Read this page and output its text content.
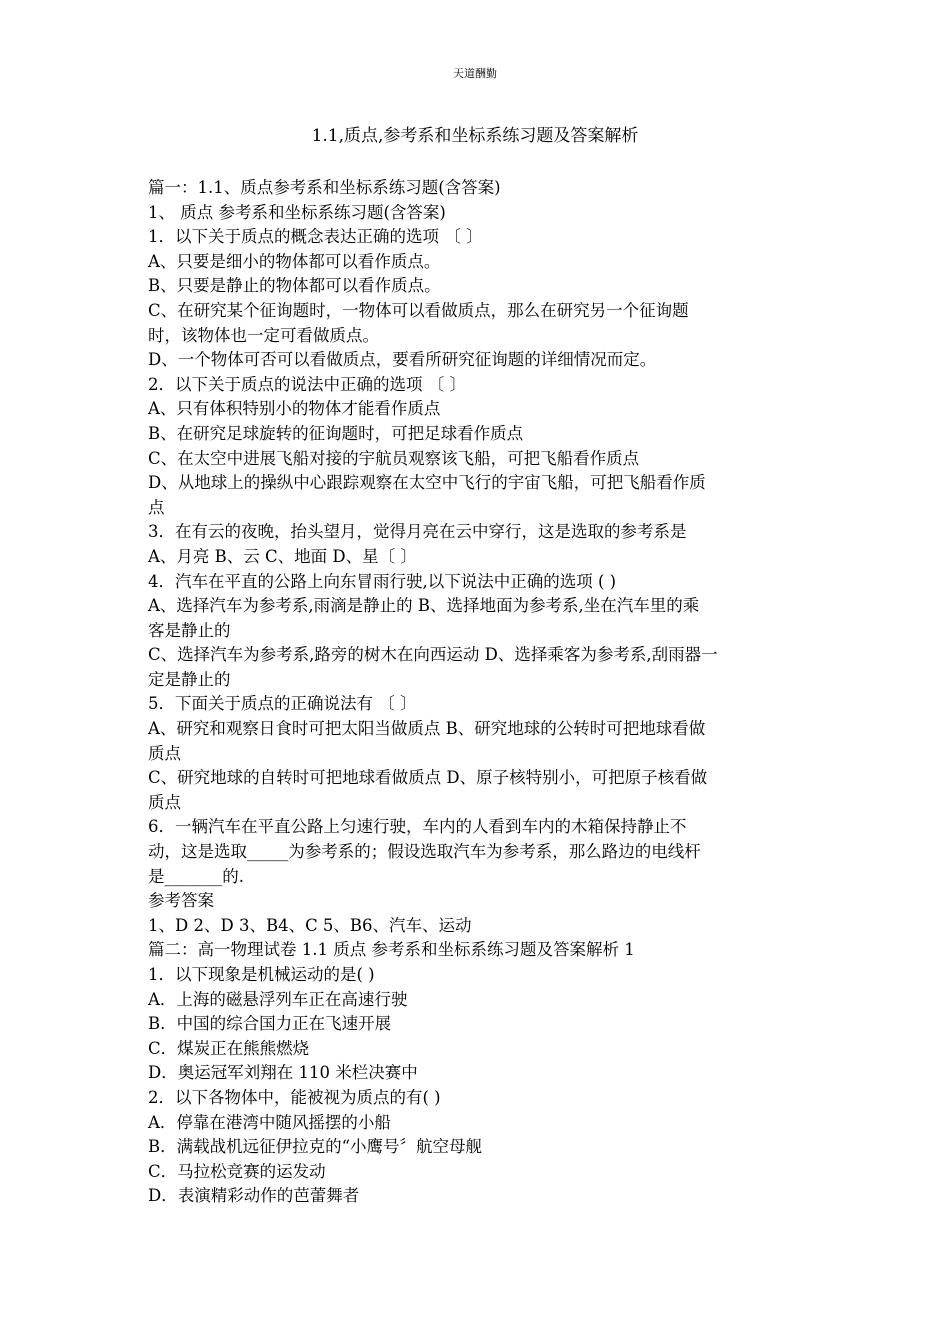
天道酬勤
1.1,质点,参考系和坐标系练习题及答案解析
篇一：1.1、质点参考系和坐标系练习题(含答案)
1、 质点 参考系和坐标系练习题(含答案)
1．以下关于质点的概念表达正确的选项 〔 〕
A、只要是细小的物体都可以看作质点。
B、只要是静止的物体都可以看作质点。
C、在研究某个征询题时，一物体可以看做质点，那么在研究另一个征询题
时，该物体也一定可看做质点。
D、一个物体可否可以看做质点，要看所研究征询题的详细情况而定。
2．以下关于质点的说法中正确的选项 〔 〕
A、只有体积特别小的物体才能看作质点
B、在研究足球旋转的征询题时，可把足球看作质点
C、在太空中进展飞船对接的宇航员观察该飞船，可把飞船看作质点
D、从地球上的操纵中心跟踪观察在太空中飞行的宇宙飞船，可把飞船看作质
点
3．在有云的夜晚，抬头望月，觉得月亮在云中穿行，这是选取的参考系是
A、月亮 B、云 C、地面 D、星〔 〕
4．汽车在平直的公路上向东冒雨行驶,以下说法中正确的选项 ( )
A、选择汽车为参考系,雨滴是静止的 B、选择地面为参考系,坐在汽车里的乘
客是静止的
C、选择汽车为参考系,路旁的树木在向西运动 D、选择乘客为参考系,刮雨器一
定是静止的
5．下面关于质点的正确说法有 〔 〕
A、研究和观察日食时可把太阳当做质点 B、研究地球的公转时可把地球看做
质点
C、研究地球的自转时可把地球看做质点 D、原子核特别小，可把原子核看做
质点
6．一辆汽车在平直公路上匀速行驶，车内的人看到车内的木箱保持静止不
动，这是选取_____为参考系的；假设选取汽车为参考系，那么路边的电线杆
是_______的.
参考答案
1、D 2、D 3、B4、C 5、B6、汽车、运动
篇二：高一物理试卷 1.1 质点 参考系和坐标系练习题及答案解析 1
1．以下现象是机械运动的是( )
A．上海的磁悬浮列车正在高速行驶
B．中国的综合国力正在飞速开展
C．煤炭正在熊熊燃烧
D．奥运冠军刘翔在 110 米栏决赛中
2．以下各物体中，能被视为质点的有( )
A．停靠在港湾中随风摇摆的小船
B．满载战机远征伊拉克的“小鹰号〞航空母舰
C．马拉松竞赛的运发动
D．表演精彩动作的芭蕾舞者
